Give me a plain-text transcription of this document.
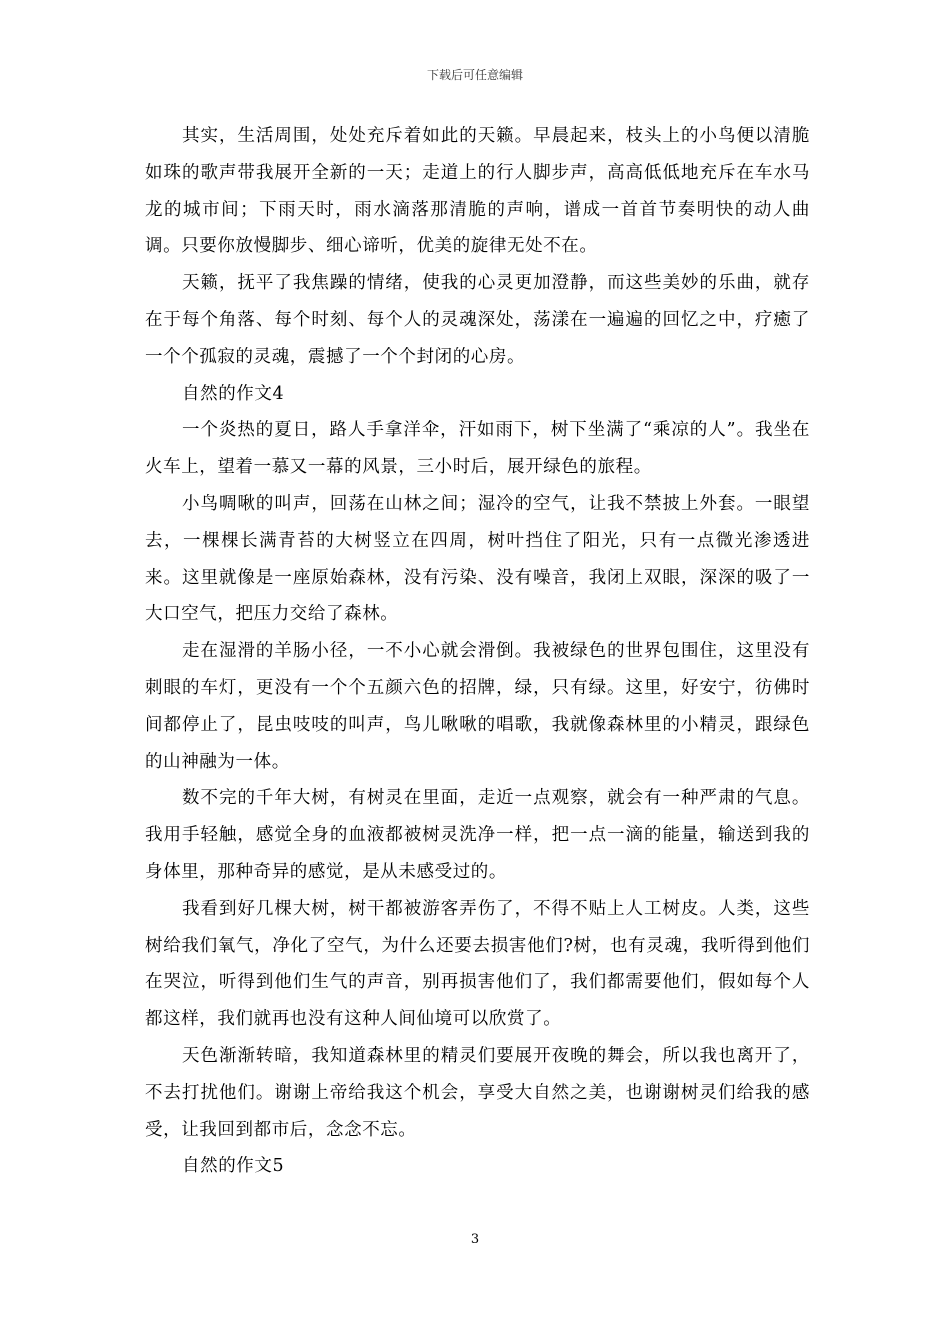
下载后可任意编辑

其实，生活周围，处处充斥着如此的天籁。早晨起来，枝头上的小鸟便以清脆如珠的歌声带我展开全新的一天；走道上的行人脚步声，高高低低地充斥在车水马龙的城市间；下雨天时，雨水滴落那清脆的声响，谱成一首首节奏明快的动人曲调。只要你放慢脚步、细心谛听，优美的旋律无处不在。

天籁，抚平了我焦躁的情绪，使我的心灵更加澄静，而这些美妙的乐曲，就存在于每个角落、每个时刻、每个人的灵魂深处，荡漾在一遍遍的回忆之中，疗癒了一个个孤寂的灵魂，震撼了一个个封闭的心房。

自然的作文4

一个炎热的夏日，路人手拿洋伞，汗如雨下，树下坐满了“乘凉的人”。我坐在火车上，望着一慕又一幕的风景，三小时后，展开绿色的旅程。

小鸟啁啾的叫声，回荡在山林之间；湿冷的空气，让我不禁披上外套。一眼望去，一棵棵长满青苔的大树竖立在四周，树叶挡住了阳光，只有一点微光渗透进来。这里就像是一座原始森林，没有污染、没有噪音，我闭上双眼，深深的吸了一大口空气，把压力交给了森林。

走在湿滑的羊肠小径，一不小心就会滑倒。我被绿色的世界包围住，这里没有刺眼的车灯，更没有一个个五颜六色的招牌，绿，只有绿。这里，好安宁，彷佛时间都停止了，昆虫吱吱的叫声，鸟儿啾啾的唱歌，我就像森林里的小精灵，跟绿色的山神融为一体。

数不完的千年大树，有树灵在里面，走近一点观察，就会有一种严肃的气息。我用手轻触，感觉全身的血液都被树灵洗净一样，把一点一滴的能量，输送到我的身体里，那种奇异的感觉，是从未感受过的。

我看到好几棵大树，树干都被游客弄伤了，不得不贴上人工树皮。人类，这些树给我们氧气，净化了空气，为什么还要去损害他们?树，也有灵魂，我听得到他们在哭泣，听得到他们生气的声音，别再损害他们了，我们都需要他们，假如每个人都这样，我们就再也没有这种人间仙境可以欣赏了。

天色渐渐转暗，我知道森林里的精灵们要展开夜晚的舞会，所以我也离开了，不去打扰他们。谢谢上帝给我这个机会，享受大自然之美，也谢谢树灵们给我的感受，让我回到都市后，念念不忘。

自然的作文5

3
